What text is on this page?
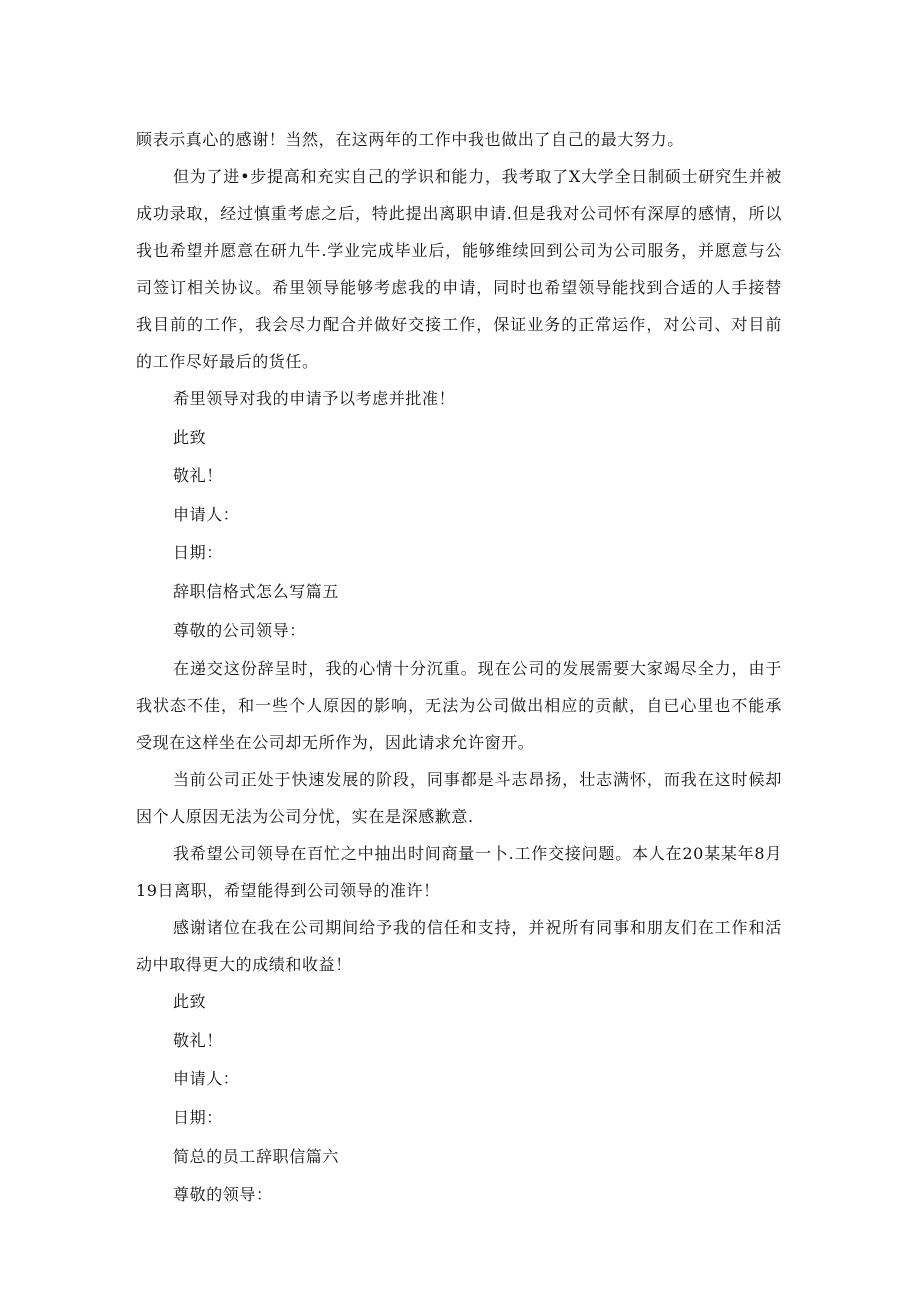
顾表示真心的感谢！当然，在这两年的工作中我也做出了自己的最大努力。

但为了进•步提高和充实自己的学识和能力，我考取了X大学全日制硕士研究生并被成功录取，经过慎重考虑之后，特此提出离职申请.但是我对公司怀有深厚的感情，所以我也希望并愿意在研九牛.学业完成毕业后，能够维续回到公司为公司服务，并愿意与公司签订相关协议。希里领导能够考虑我的申请，同时也希望领导能找到合适的人手接替我目前的工作，我会尽力配合并做好交接工作，保证业务的正常运作，对公司、对目前的工作尽好最后的货任。

希里领导对我的申请予以考虑并批准！

此致

敬礼！

申请人：

日期：

辞职信格式怎么写篇五

尊敬的公司领导：

在递交这份辞呈时，我的心情十分沉重。现在公司的发展需要大家竭尽全力，由于我状态不佳，和一些个人原因的影响，无法为公司做出相应的贡献，自已心里也不能承受现在这样坐在公司却无所作为，因此请求允许窗开。

当前公司正处于快速发展的阶段，同事都是斗志昂扬，壮志满怀，而我在这时候却因个人原因无法为公司分忧，实在是深感歉意.

我希望公司领导在百忙之中抽出时间商量一卜.工作交接问题。本人在20某某年8月19日离职，希望能得到公司领导的准许！

感谢诸位在我在公司期间给予我的信任和支持，并祝所有同事和朋友们在工作和活动中取得更大的成绩和收益！

此致

敬礼！

申请人：

日期：

简总的员工辞职信篇六

尊敬的领导：
